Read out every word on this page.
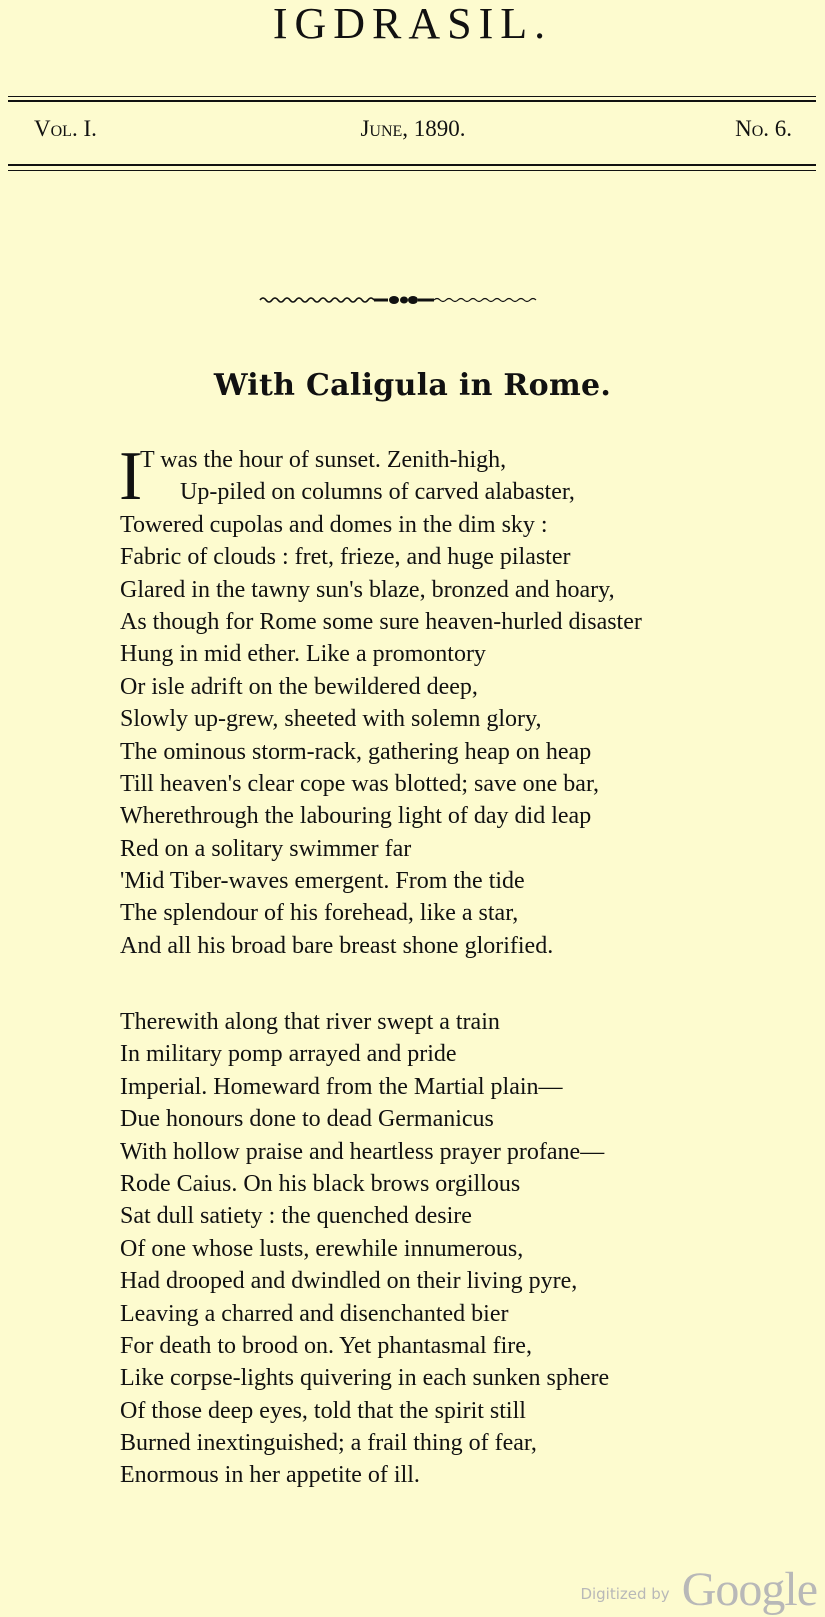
IGDRASIL.
Vol. I.	June, 1890.	No. 6.
With Caligula in Rome.
I
T was the hour of sunset. Zenith-high,
Up-piled on columns of carved alabaster,
Towered cupolas and domes in the dim sky :
Fabric of clouds : fret, frieze, and huge pilaster
Glared in the tawny sun's blaze, bronzed and hoary,
As though for Rome some sure heaven-hurled disaster
Hung in mid ether. Like a promontory
Or isle adrift on the bewildered deep,
Slowly up-grew, sheeted with solemn glory,
The ominous storm-rack, gathering heap on heap
Till heaven's clear cope was blotted; save one bar,
Wherethrough the labouring light of day did leap
Red on a solitary swimmer far
'Mid Tiber-waves emergent. From the tide
The splendour of his forehead, like a star,
And all his broad bare breast shone glorified.
Therewith along that river swept a train
In military pomp arrayed and pride
Imperial. Homeward from the Martial plain—
Due honours done to dead Germanicus
With hollow praise and heartless prayer profane—
Rode Caius. On his black brows orgillous
Sat dull satiety : the quenched desire
Of one whose lusts, erewhile innumerous,
Had drooped and dwindled on their living pyre,
Leaving a charred and disenchanted bier
For death to brood on. Yet phantasmal fire,
Like corpse-lights quivering in each sunken sphere
Of those deep eyes, told that the spirit still
Burned inextinguished; a frail thing of fear,
Enormous in her appetite of ill.
Digitized by Google
